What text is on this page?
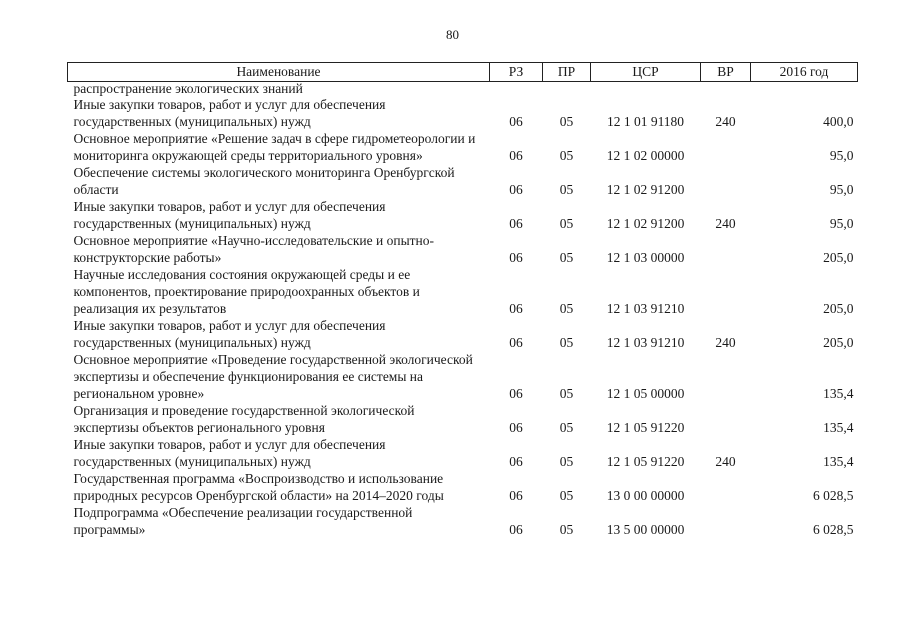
80
Наименование	РЗ	ПР	ЦСР	ВР	2016 год
распространение экологических знаний					
Иные закупки товаров, работ и услуг для обеспечения государственных (муниципальных) нужд	06	05	12 1 01 91180	240	400,0
Основное мероприятие «Решение задач в сфере гидрометеорологии и мониторинга окружающей среды территориального уровня»	06	05	12 1 02 00000		95,0
Обеспечение системы экологического мониторинга Оренбургской области	06	05	12 1 02 91200		95,0
Иные закупки товаров, работ и услуг для обеспечения государственных (муниципальных) нужд	06	05	12 1 02 91200	240	95,0
Основное мероприятие «Научно-исследовательские и опытно-конструкторские работы»	06	05	12 1 03 00000		205,0
Научные исследования состояния окружающей среды и ее компонентов, проектирование природоохранных объектов и реализация их результатов	06	05	12 1 03 91210		205,0
Иные закупки товаров, работ и услуг для обеспечения государственных (муниципальных) нужд	06	05	12 1 03 91210	240	205,0
Основное мероприятие «Проведение государственной экологической экспертизы и обеспечение функционирования ее системы на региональном уровне»	06	05	12 1 05 00000		135,4
Организация и проведение государственной экологической экспертизы объектов регионального уровня	06	05	12 1 05 91220		135,4
Иные закупки товаров, работ и услуг для обеспечения государственных (муниципальных) нужд	06	05	12 1 05 91220	240	135,4
Государственная программа «Воспроизводство и использование природных ресурсов Оренбургской области» на 2014–2020 годы	06	05	13 0 00 00000		6 028,5
Подпрограмма «Обеспечение реализации государственной программы»	06	05	13 5 00 00000		6 028,5
